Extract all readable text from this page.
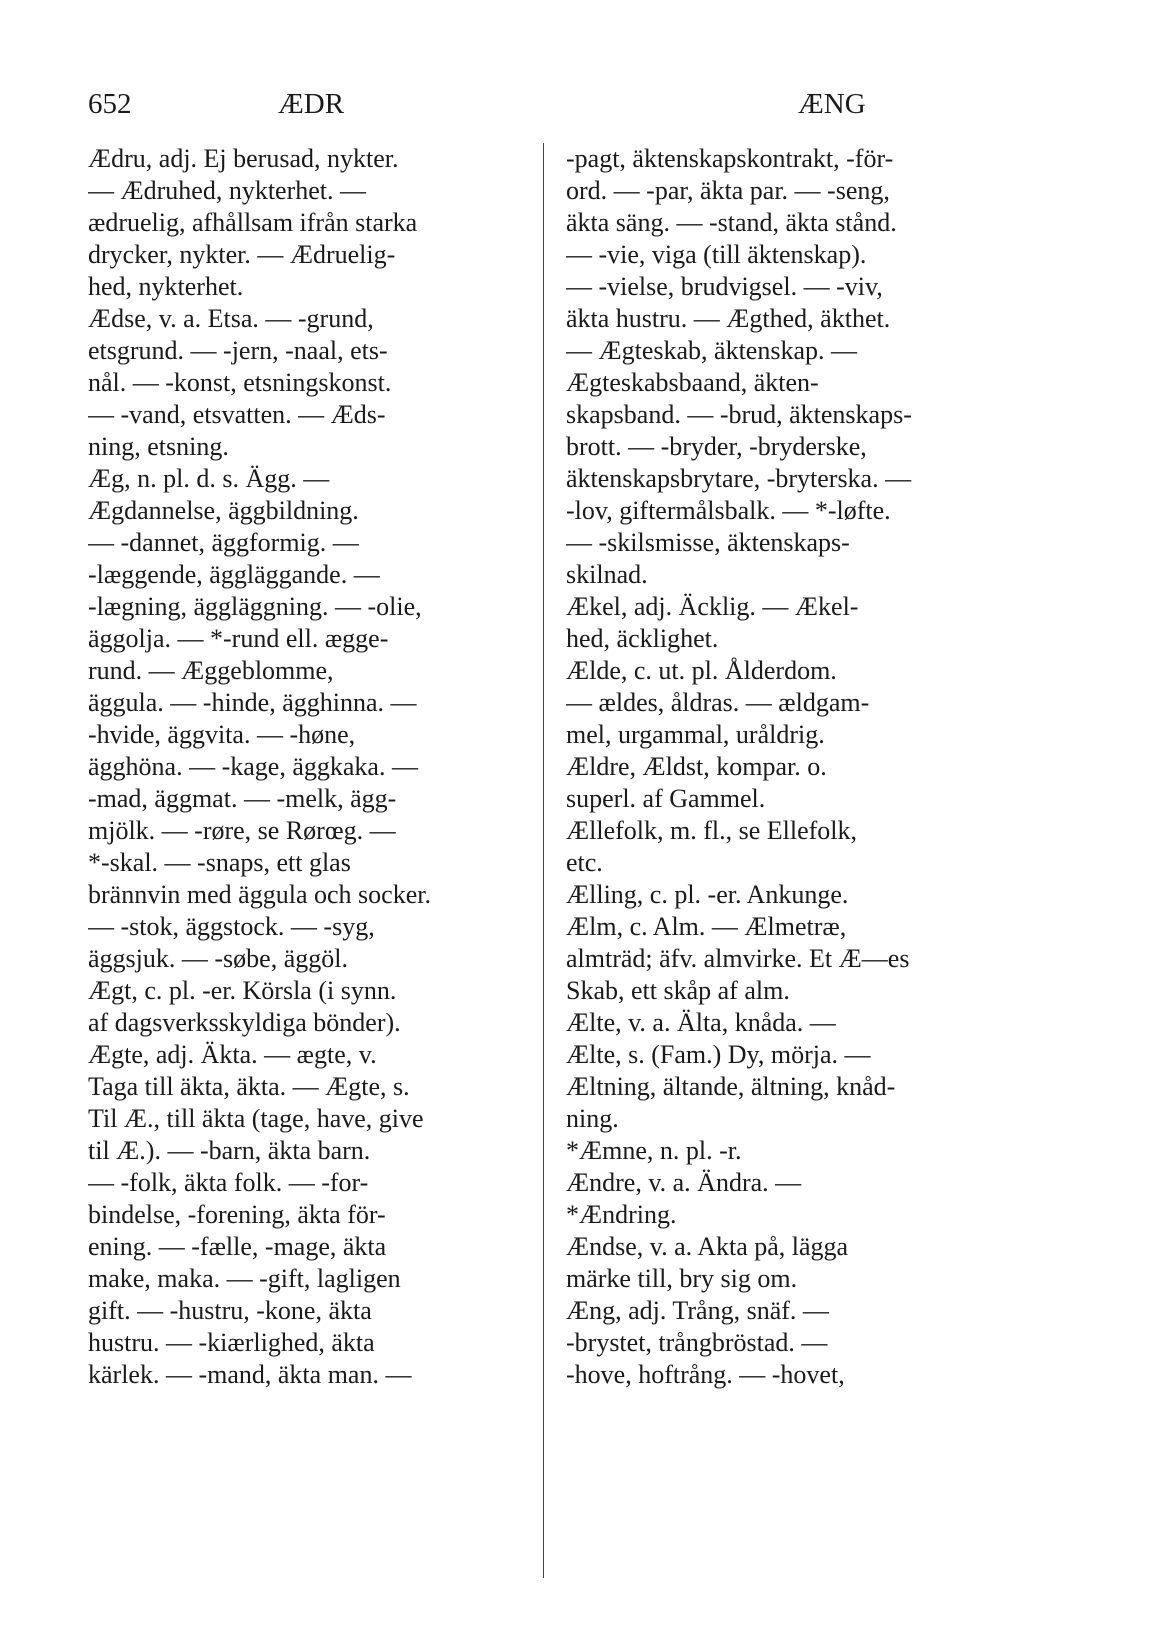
652	ÆDR	ÆNG
Ædru, adj. Ej berusad, nykter.
— Ædruhed, nykterhet. —
ædruelig, afhållsam ifrån starka
drycker, nykter. — Ædruelig-
hed, nykterhet.
Ædse, v. a. Etsa. — -grund,
etsgrund. — -jern, -naal, ets-
nål. — -konst, etsningskonst.
— -vand, etsvatten. — Æds-
ning, etsning.
Æg, n. pl. d. s. Ägg. —
Ægdannelse, äggbildning.
— -dannet, äggformig. —
-læggende, äggläggande. —
-lægning, äggläggning. — -olie,
äggolja. — *-rund ell. ægge-
rund. — Æggeblomme,
äggula. — -hinde, ägghinna. —
-hvide, äggvita. — -høne,
ägghöna. — -kage, äggkaka. —
-mad, äggmat. — -melk, ägg-
mjölk. — -røre, se Rørœg. —
*-skal. — -snaps, ett glas
brännvin med äggula och socker.
— -stok, äggstock. — -syg,
äggsjuk. — -søbe, äggöl.
Ægt, c. pl. -er. Körsla (i synn.
af dagsverksskyldiga bönder).
Ægte, adj. Äkta. — ægte, v.
Taga till äkta, äkta. — Ægte, s.
Til Æ., till äkta (tage, have, give
til Æ.). — -barn, äkta barn.
— -folk, äkta folk. — -for-
bindelse, -forening, äkta för-
ening. — -fælle, -mage, äkta
make, maka. — -gift, lagligen
gift. — -hustru, -kone, äkta
hustru. — -kiærlighed, äkta
kärlek. — -mand, äkta man. —
-pagt, äktenskapskontrakt, -för-
ord. — -par, äkta par. — -seng,
äkta säng. — -stand, äkta stånd.
— -vie, viga (till äktenskap).
— -vielse, brudvigsel. — -viv,
äkta hustru. — Ægthed, äkthet.
— Ægteskab, äktenskap. —
Ægteskabsbaand, äkten-
skapsband. — -brud, äktenskaps-
brott. — -bryder, -bryderske,
äktenskapsbrytare, -bryterska. —
-lov, giftermålsbalk. — *-løfte.
— -skilsmisse, äktenskaps-
skilnad.
Ækel, adj. Äcklig. — Ækel-
hed, äcklighet.
Ælde, c. ut. pl. Ålderdom.
— ældes, åldras. — ældgam-
mel, urgammal, uråldrig.
Ældre, Ældst, kompar. o.
superl. af Gammel.
Ællefolk, m. fl., se Ellefolk,
etc.
Ælling, c. pl. -er. Ankunge.
Ælm, c. Alm. — Ælmetræ,
almträd; äfv. almvirke. Et Æ—es
Skab, ett skåp af alm.
Ælte, v. a. Älta, knåda. —
Ælte, s. (Fam.) Dy, mörja. —
Æltning, ältande, ältning, knåd-
ning.
*Æmne, n. pl. -r.
Ændre, v. a. Ändra. —
*Ændring.
Ændse, v. a. Akta på, lägga
märke till, bry sig om.
Æng, adj. Trång, snäf. —
-brystet, trångbröstad. —
-hove, hoftrång. — -hovet,
